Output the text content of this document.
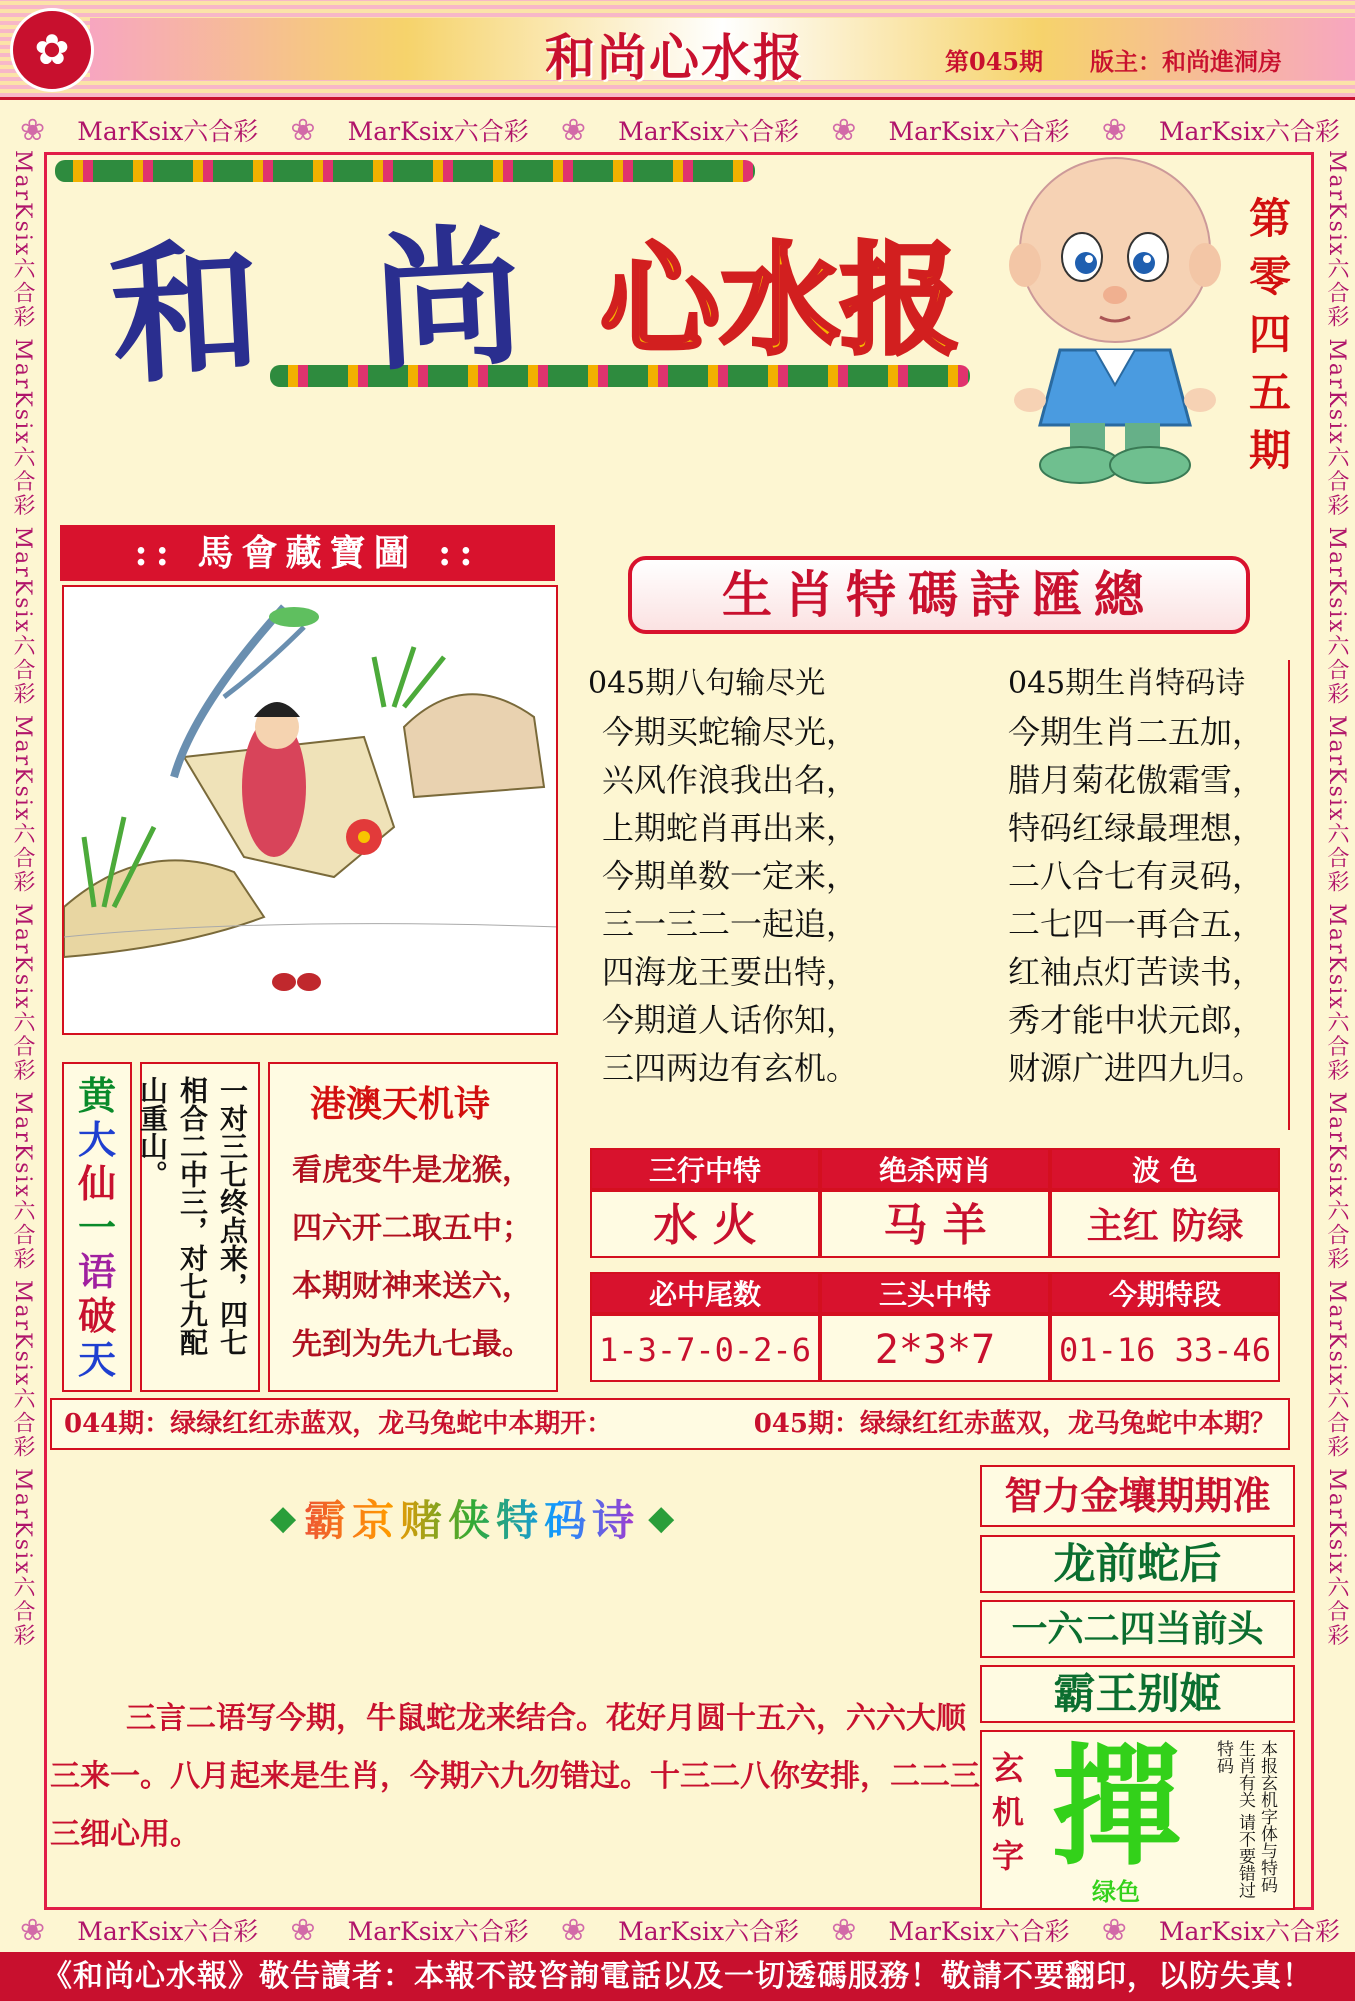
✿	和尚心水报	第045期 版主：和尚進洞房
❀ MarKsix六合彩 ❀ MarKsix六合彩 ❀ MarKsix六合彩 ❀ MarKsix六合彩 ❀ MarKsix六合彩
❀ MarKsix六合彩 ❀ MarKsix六合彩 ❀ MarKsix六合彩 ❀ MarKsix六合彩 ❀ MarKsix六合彩
MarKsix六合彩 MarKsix六合彩 MarKsix六合彩 MarKsix六合彩 MarKsix六合彩 MarKsix六合彩 MarKsix六合彩 MarKsix六合彩
MarKsix六合彩 MarKsix六合彩 MarKsix六合彩 MarKsix六合彩 MarKsix六合彩 MarKsix六合彩 MarKsix六合彩 MarKsix六合彩
和 尚 心水报
第零四五期
:: 馬會藏寶圖 ::
生肖特碼詩匯總
045期八句输尽光
今期买蛇输尽光，
兴风作浪我出名，
上期蛇肖再出来，
今期单数一定来，
三一三二一起追，
四海龙王要出特，
今期道人话你知，
三四两边有玄机。
045期生肖特码诗
今期生肖二五加，
腊月菊花傲霜雪，
特码红绿最理想，
二八合七有灵码，
二七四一再合五，
红袖点灯苦读书，
秀才能中状元郎，
财源广进四九归。
黄
大
仙
一
语
破
天
一对三七终点来，四七相合二中三，对七九配山重山。	港澳天机诗
看虎变牛是龙猴，
四六开二取五中；
本期财神来送六，
先到为先九七最。
三行中特	绝杀两肖	波 色
水 火	马 羊	主红 防绿
必中尾数	三头中特	今期特段
1-3-7-0-2-6	2*3*7	01-16 33-46
044期：绿绿红红赤蓝双，龙马兔蛇中本期开：	045期：绿绿红红赤蓝双，龙马兔蛇中本期？
◆ 霸京赌侠特码诗 ◆
三言二语写今期，牛鼠蛇龙来结合。花好月圆十五六，六六大顺三来一。八月起来是生肖，今期六九勿错过。十三二八你安排，二二三三细心用。
智力金壤期期准
龙前蛇后
一六二四当前头
霸王别姬
玄机字 撣
绿色	本报玄机字体与特码生肖有关 请不要错过特码
《和尚心水報》敬告讀者：本報不設咨詢電話以及一切透碼服務！敬請不要翻印，以防失真！
